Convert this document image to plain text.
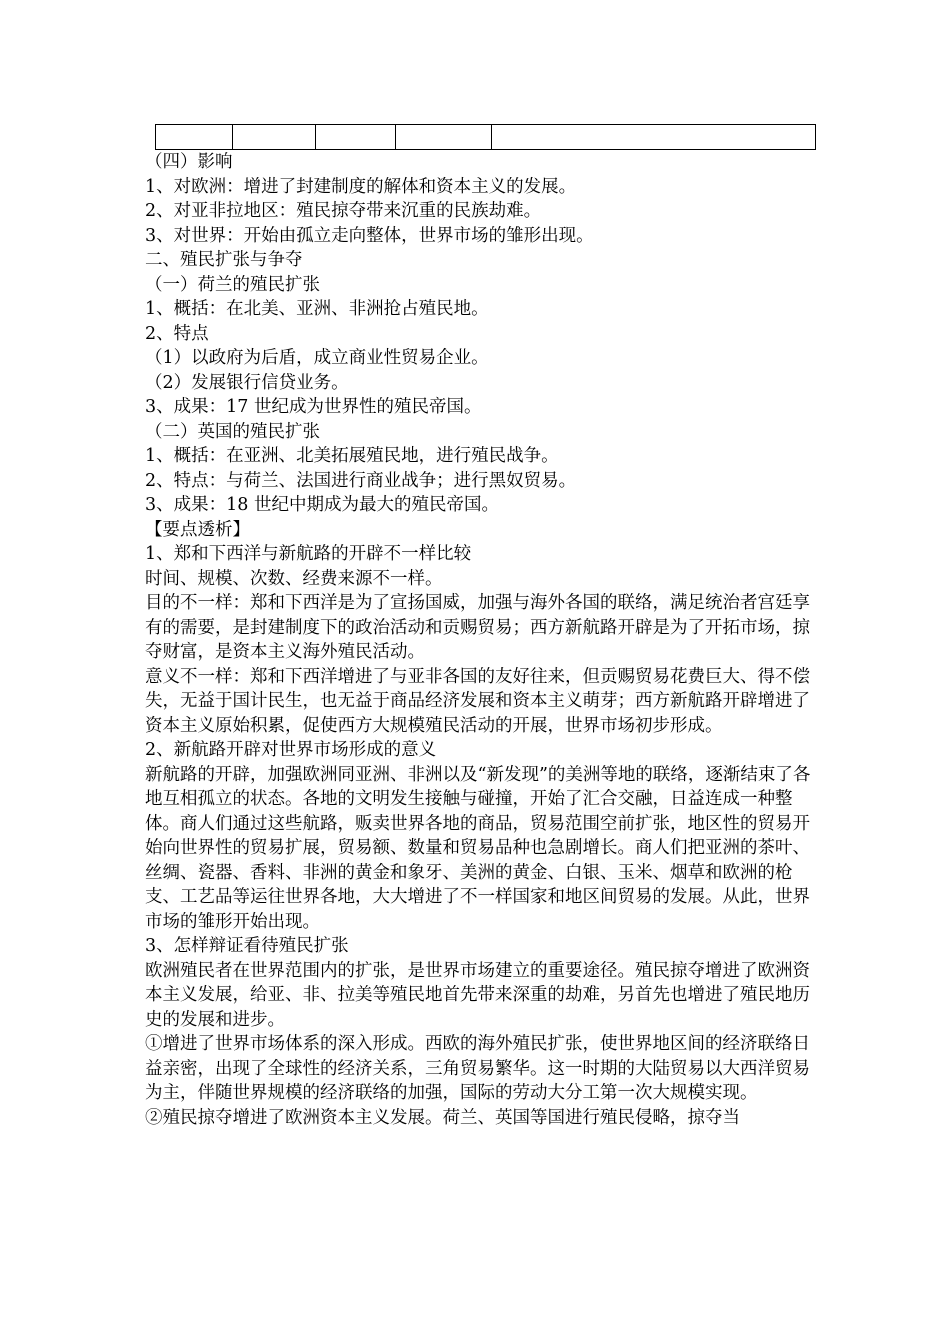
（四）影响

1、对欧洲：增进了封建制度的解体和资本主义的发展。

2、对亚非拉地区：殖民掠夺带来沉重的民族劫难。

3、对世界：开始由孤立走向整体，世界市场的雏形出现。

二、殖民扩张与争夺

（一）荷兰的殖民扩张

1、概括：在北美、亚洲、非洲抢占殖民地。

2、特点

（1）以政府为后盾，成立商业性贸易企业。

（2）发展银行信贷业务。

3、成果：17 世纪成为世界性的殖民帝国。

（二）英国的殖民扩张

1、概括：在亚洲、北美拓展殖民地，进行殖民战争。

2、特点：与荷兰、法国进行商业战争；进行黑奴贸易。

3、成果：18 世纪中期成为最大的殖民帝国。

【要点透析】

1、郑和下西洋与新航路的开辟不一样比较

时间、规模、次数、经费来源不一样。

目的不一样：郑和下西洋是为了宣扬国威，加强与海外各国的联络，满足统治者宫廷享有的需要，是封建制度下的政治活动和贡赐贸易；西方新航路开辟是为了开拓市场，掠夺财富，是资本主义海外殖民活动。

意义不一样：郑和下西洋增进了与亚非各国的友好往来，但贡赐贸易花费巨大、得不偿失，无益于国计民生，也无益于商品经济发展和资本主义萌芽；西方新航路开辟增进了资本主义原始积累，促使西方大规模殖民活动的开展，世界市场初步形成。

2、新航路开辟对世界市场形成的意义

新航路的开辟，加强欧洲同亚洲、非洲以及“新发现”的美洲等地的联络，逐渐结束了各地互相孤立的状态。各地的文明发生接触与碰撞，开始了汇合交融，日益连成一种整体。商人们通过这些航路，贩卖世界各地的商品，贸易范围空前扩张，地区性的贸易开始向世界性的贸易扩展，贸易额、数量和贸易品种也急剧增长。商人们把亚洲的茶叶、丝绸、瓷器、香料、非洲的黄金和象牙、美洲的黄金、白银、玉米、烟草和欧洲的枪支、工艺品等运往世界各地，大大增进了不一样国家和地区间贸易的发展。从此，世界市场的雏形开始出现。

3、怎样辩证看待殖民扩张

欧洲殖民者在世界范围内的扩张，是世界市场建立的重要途径。殖民掠夺增进了欧洲资本主义发展，给亚、非、拉美等殖民地首先带来深重的劫难，另首先也增进了殖民地历史的发展和进步。

①增进了世界市场体系的深入形成。西欧的海外殖民扩张，使世界地区间的经济联络日益亲密，出现了全球性的经济关系，三角贸易繁华。这一时期的大陆贸易以大西洋贸易为主，伴随世界规模的经济联络的加强，国际的劳动大分工第一次大规模实现。

②殖民掠夺增进了欧洲资本主义发展。荷兰、英国等国进行殖民侵略，掠夺当
